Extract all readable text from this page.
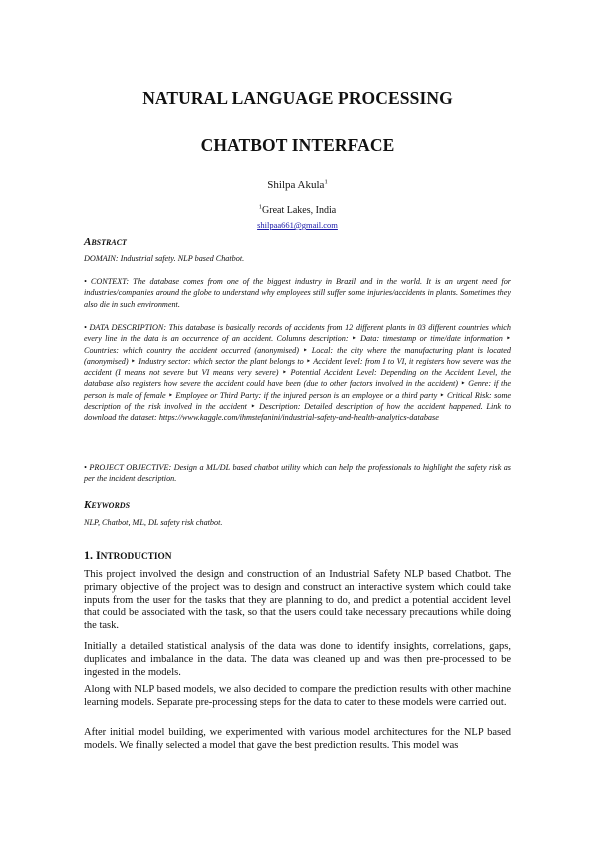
NATURAL LANGUAGE PROCESSING
CHATBOT INTERFACE
Shilpa Akula$^1$
$^1$Great Lakes, India
shilpaa661@gmail.com
ABSTRACT
DOMAIN: Industrial safety. NLP based Chatbot.
• CONTEXT: The database comes from one of the biggest industry in Brazil and in the world. It is an urgent need for industries/companies around the globe to understand why employees still suffer some injuries/accidents in plants. Sometimes they also die in such environment.
• DATA DESCRIPTION: This database is basically records of accidents from 12 different plants in 03 different countries which every line in the data is an occurrence of an accident. Columns description: ‣ Data: timestamp or time/date information ‣ Countries: which country the accident occurred (anonymised) ‣ Local: the city where the manufacturing plant is located (anonymised) ‣ Industry sector: which sector the plant belongs to ‣ Accident level: from I to VI, it registers how severe was the accident (I means not severe but VI means very severe) ‣ Potential Accident Level: Depending on the Accident Level, the database also registers how severe the accident could have been (due to other factors involved in the accident) ‣ Genre: if the person is male of female ‣ Employee or Third Party: if the injured person is an employee or a third party ‣ Critical Risk: some description of the risk involved in the accident ‣ Description: Detailed description of how the accident happened. Link to download the dataset: https://www.kaggle.com/ihmstefanini/industrial-safety-and-health-analytics-database
• PROJECT OBJECTIVE: Design a ML/DL based chatbot utility which can help the professionals to highlight the safety risk as per the incident description.
KEYWORDS
NLP, Chatbot, ML, DL safety risk chatbot.
1. INTRODUCTION
This project involved the design and construction of an Industrial Safety NLP based Chatbot. The primary objective of the project was to design and construct an interactive system which could take inputs from the user for the tasks that they are planning to do, and predict a potential accident level that could be associated with the task, so that the users could take necessary precautions while doing the task.
Initially a detailed statistical analysis of the data was done to identify insights, correlations, gaps, duplicates and imbalance in the data. The data was cleaned up and was then pre-processed to be ingested in the models.
Along with NLP based models, we also decided to compare the prediction results with other machine learning models. Separate pre-processing steps for the data to cater to these models were carried out.
After initial model building, we experimented with various model architectures for the NLP based models. We finally selected a model that gave the best prediction results. This model was
